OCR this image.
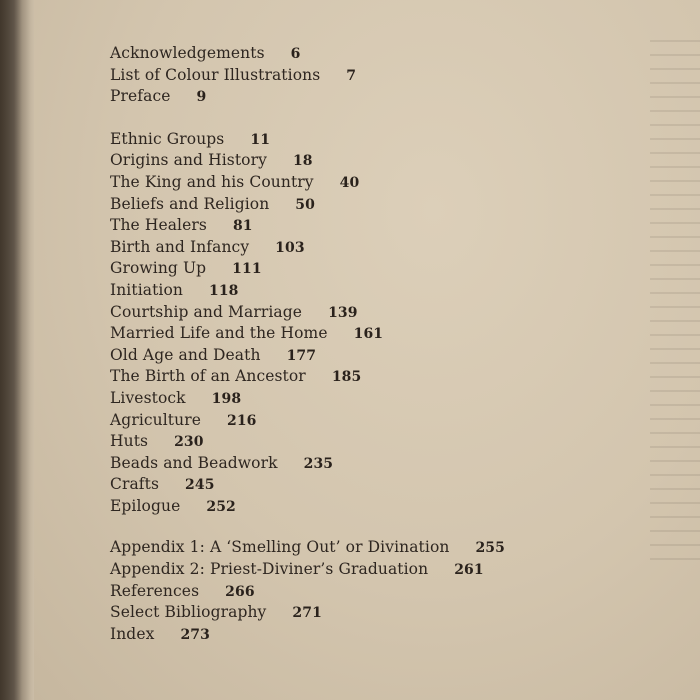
Acknowledgements 6
List of Colour Illustrations 7
Preface 9
Ethnic Groups 11
Origins and History 18
The King and his Country 40
Beliefs and Religion 50
The Healers 81
Birth and Infancy 103
Growing Up 111
Initiation 118
Courtship and Marriage 139
Married Life and the Home 161
Old Age and Death 177
The Birth of an Ancestor 185
Livestock 198
Agriculture 216
Huts 230
Beads and Beadwork 235
Crafts 245
Epilogue 252
Appendix 1: A ‘Smelling Out’ or Divination 255
Appendix 2: Priest-Diviner’s Graduation 261
References 266
Select Bibliography 271
Index 273
